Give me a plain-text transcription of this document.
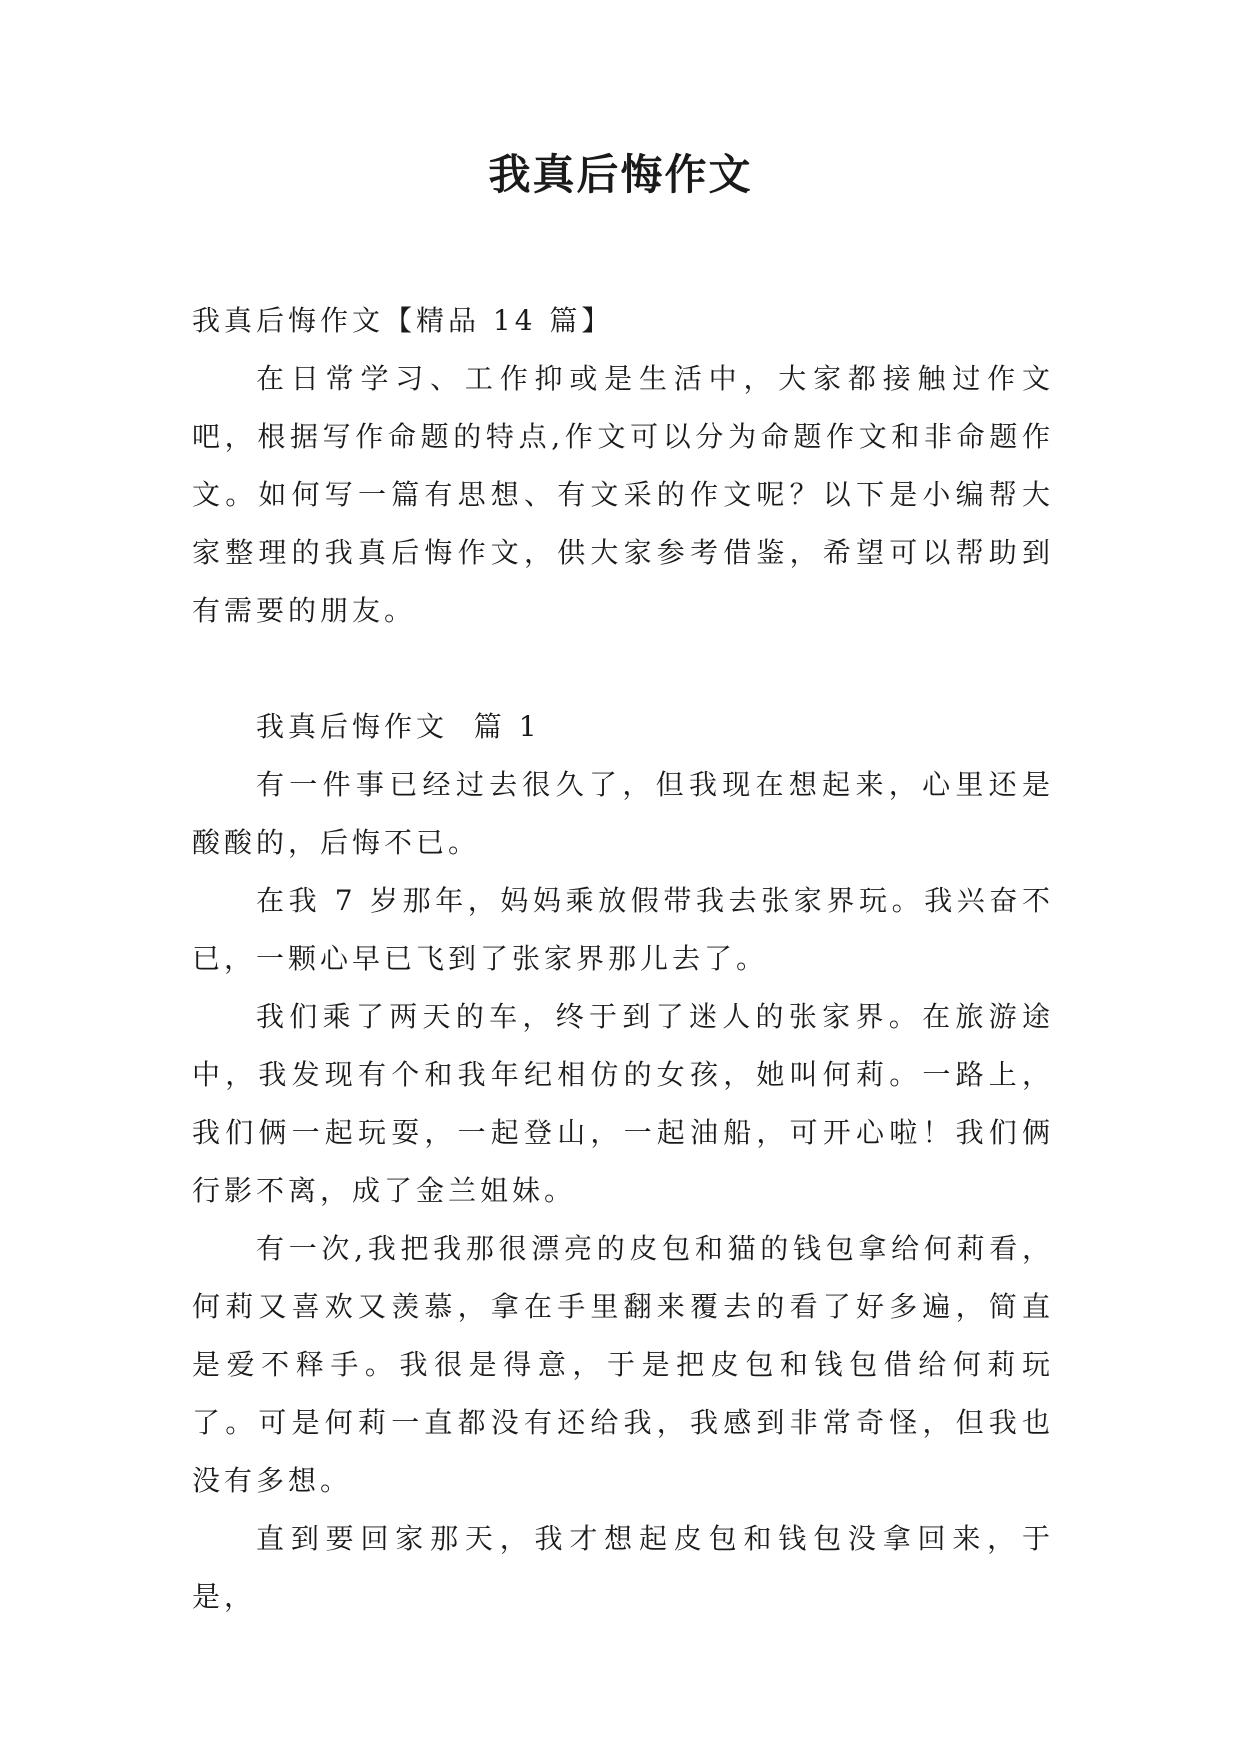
我真后悔作文

我真后悔作文【精品 14 篇】

在日常学习、工作抑或是生活中，大家都接触过作文吧，根据写作命题的特点,作文可以分为命题作文和非命题作文。如何写一篇有思想、有文采的作文呢？以下是小编帮大家整理的我真后悔作文，供大家参考借鉴，希望可以帮助到有需要的朋友。

我真后悔作文  篇 1

有一件事已经过去很久了，但我现在想起来，心里还是酸酸的，后悔不已。

在我 7 岁那年，妈妈乘放假带我去张家界玩。我兴奋不已，一颗心早已飞到了张家界那儿去了。

我们乘了两天的车，终于到了迷人的张家界。在旅游途中，我发现有个和我年纪相仿的女孩，她叫何莉。一路上，我们俩一起玩耍，一起登山，一起油船，可开心啦！我们俩行影不离，成了金兰姐妹。

有一次,我把我那很漂亮的皮包和猫的钱包拿给何莉看，何莉又喜欢又羡慕，拿在手里翻来覆去的看了好多遍，简直是爱不释手。我很是得意，于是把皮包和钱包借给何莉玩了。可是何莉一直都没有还给我，我感到非常奇怪，但我也没有多想。

直到要回家那天，我才想起皮包和钱包没拿回来，于是，
